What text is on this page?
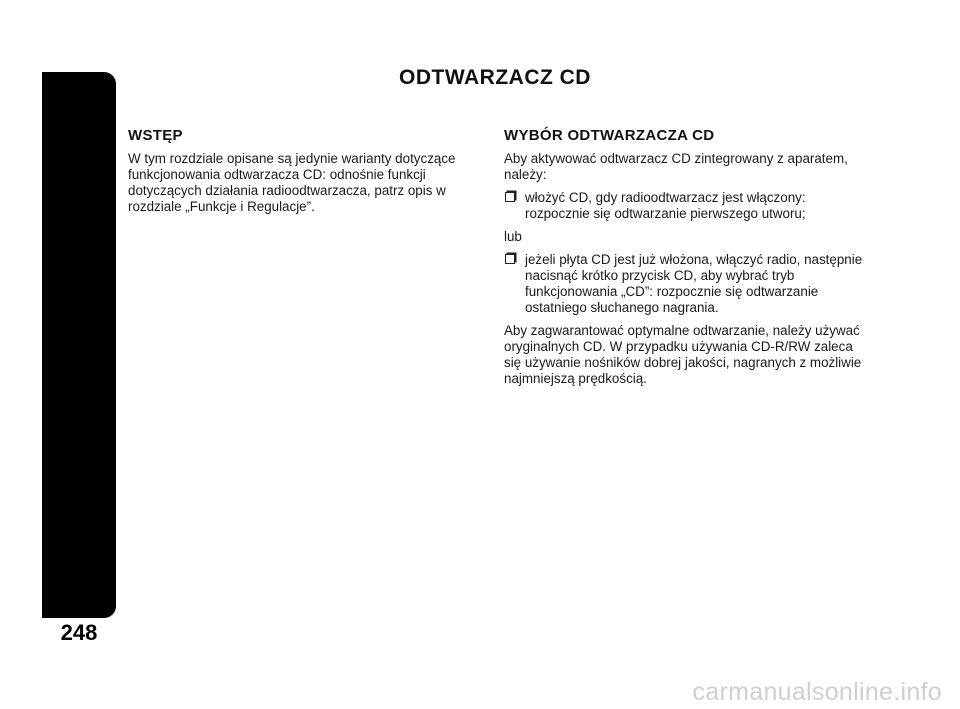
RADIOODTWARZACZ
248
ODTWARZACZ CD
WSTĘP

W tym rozdziale opisane są jedynie warianty dotyczące funkcjonowania odtwarzacza CD: odnośnie funkcji dotyczących działania radioodtwarzacza, patrz opis w rozdziale „Funkcje i Regulacje”.

WYBÓR ODTWARZACZA CD

Aby aktywować odtwarzacz CD zintegrowany z aparatem, należy:

włożyć CD, gdy radioodtwarzacz jest włączony: rozpocznie się odtwarzanie pierwszego utworu;

lub

jeżeli płyta CD jest już włożona, włączyć radio, następnie nacisnąć krótko przycisk CD, aby wybrać tryb funkcjonowania „CD”: rozpocznie się odtwarzanie ostatniego słuchanego nagrania.

Aby zagwarantować optymalne odtwarzanie, należy używać oryginalnych CD. W przypadku używania CD-R/RW zaleca się używanie nośników dobrej jakości, nagranych z możliwie najmniejszą prędkością.

carmanualsonline.info
